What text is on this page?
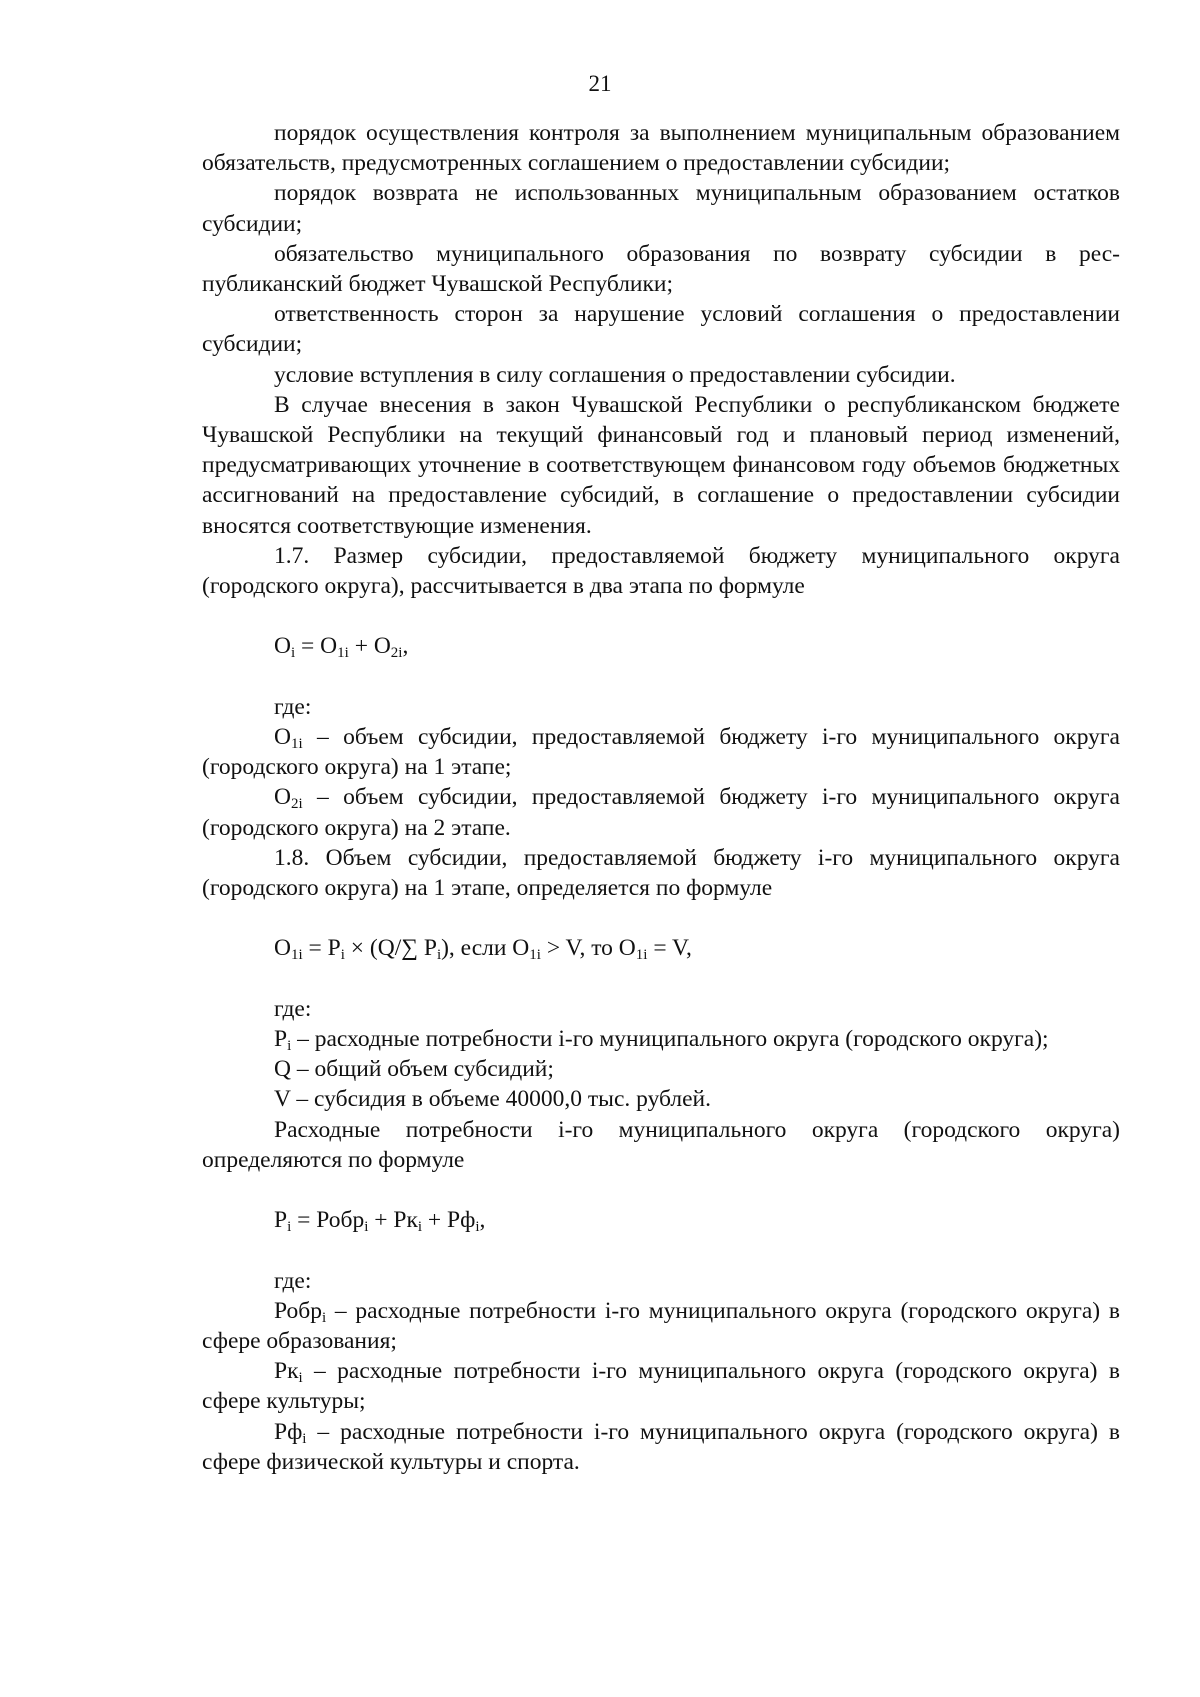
21

порядок осуществления контроля за выполнением муниципальным образованием обязательств, предусмотренных соглашением о предоставлении субсидии;

порядок возврата не использованных муниципальным образованием остатков субсидии;

обязательство муниципального образования по возврату субсидии в республиканский бюджет Чувашской Республики;

ответственность сторон за нарушение условий соглашения о предоставлении субсидии;

условие вступления в силу соглашения о предоставлении субсидии.

В случае внесения в закон Чувашской Республики о республиканском бюджете Чувашской Республики на текущий финансовый год и плановый период изменений, предусматривающих уточнение в соответствующем финансовом году объемов бюджетных ассигнований на предоставление субсидий, в соглашение о предоставлении субсидии вносятся соответствующие изменения.

1.7. Размер субсидии, предоставляемой бюджету муниципального округа (городского округа), рассчитывается в два этапа по формуле

$O_i = O_{1i} + O_{2i}$,

где:

$O_{1i}$ – объем субсидии, предоставляемой бюджету i-го муниципального округа (городского округа) на 1 этапе;

$O_{2i}$ – объем субсидии, предоставляемой бюджету i-го муниципального округа (городского округа) на 2 этапе.

1.8. Объем субсидии, предоставляемой бюджету i-го муниципального округа (городского округа) на 1 этапе, определяется по формуле

$O_{1i} = P_i \times (Q/\sum$ $P_i$), если $O_{1i} > V$, то $O_{1i} = V$,

где:

$P_i$ – расходные потребности i-го муниципального округа (городского округа);

Q – общий объем субсидий;

V – субсидия в объеме 40000,0 тыс. рублей.

Расходные потребности i-го муниципального округа (городского округа) определяются по формуле

$P_i$ = Робр$_i$ + $Рк_i + Рф_i$,

где:

Робр$_i$ – расходные потребности i-го муниципального округа (городского округа) в сфере образования;

$Рк_i$ – расходные потребности i-го муниципального округа (городского округа) в сфере культуры;

$Рф_i$ – расходные потребности i-го муниципального округа (городского округа) в сфере физической культуры и спорта.
